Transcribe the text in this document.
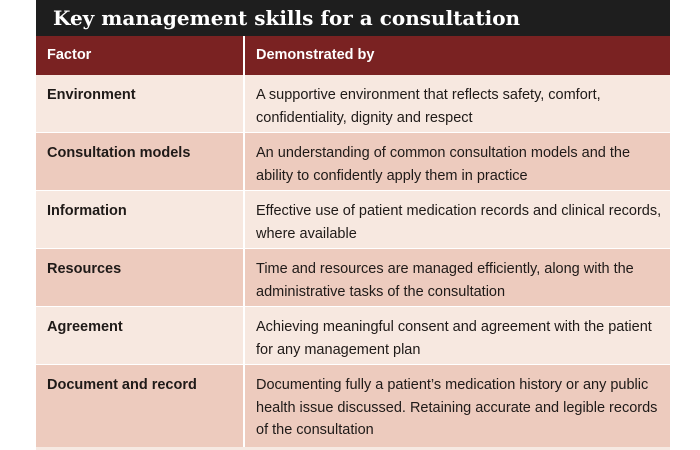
Key management skills for a consultation
Factor	Demonstrated by
Environment	A supportive environment that reflects safety, comfort, confidentiality, dignity and respect
Consultation models	An understanding of common consultation models and the ability to confidently apply them in practice
Information	Effective use of patient medication records and clinical records, where available
Resources	Time and resources are managed efficiently, along with the administrative tasks of the consultation
Agreement	Achieving meaningful consent and agreement with the patient for any management plan
Document and record	Documenting fully a patient’s medication history or any public health issue discussed. Retaining accurate and legible records of the consultation
